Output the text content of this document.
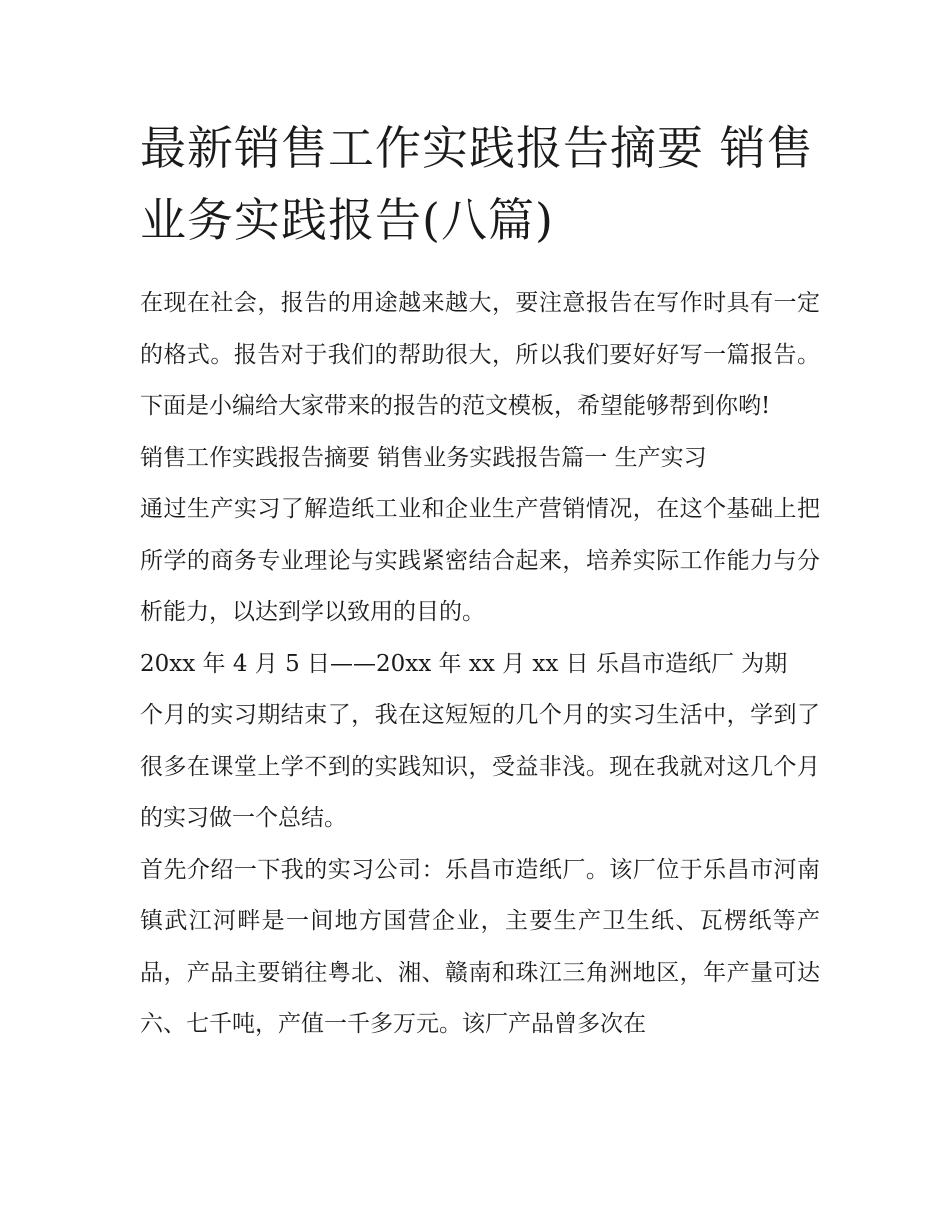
最新销售工作实践报告摘要 销售业务实践报告(八篇)

在现在社会，报告的用途越来越大，要注意报告在写作时具有一定的格式。报告对于我们的帮助很大，所以我们要好好写一篇报告。下面是小编给大家带来的报告的范文模板，希望能够帮到你哟!

销售工作实践报告摘要 销售业务实践报告篇一 生产实习

通过生产实习了解造纸工业和企业生产营销情况，在这个基础上把所学的商务专业理论与实践紧密结合起来，培养实际工作能力与分析能力，以达到学以致用的目的。

20xx 年 4 月 5 日——20xx 年 xx 月 xx 日 乐昌市造纸厂 为期

个月的实习期结束了，我在这短短的几个月的实习生活中，学到了很多在课堂上学不到的实践知识，受益非浅。现在我就对这几个月的实习做一个总结。

首先介绍一下我的实习公司：乐昌市造纸厂。该厂位于乐昌市河南镇武江河畔是一间地方国营企业，主要生产卫生纸、瓦楞纸等产品，产品主要销往粤北、湘、赣南和珠江三角洲地区，年产量可达六、七千吨，产值一千多万元。该厂产品曾多次在
